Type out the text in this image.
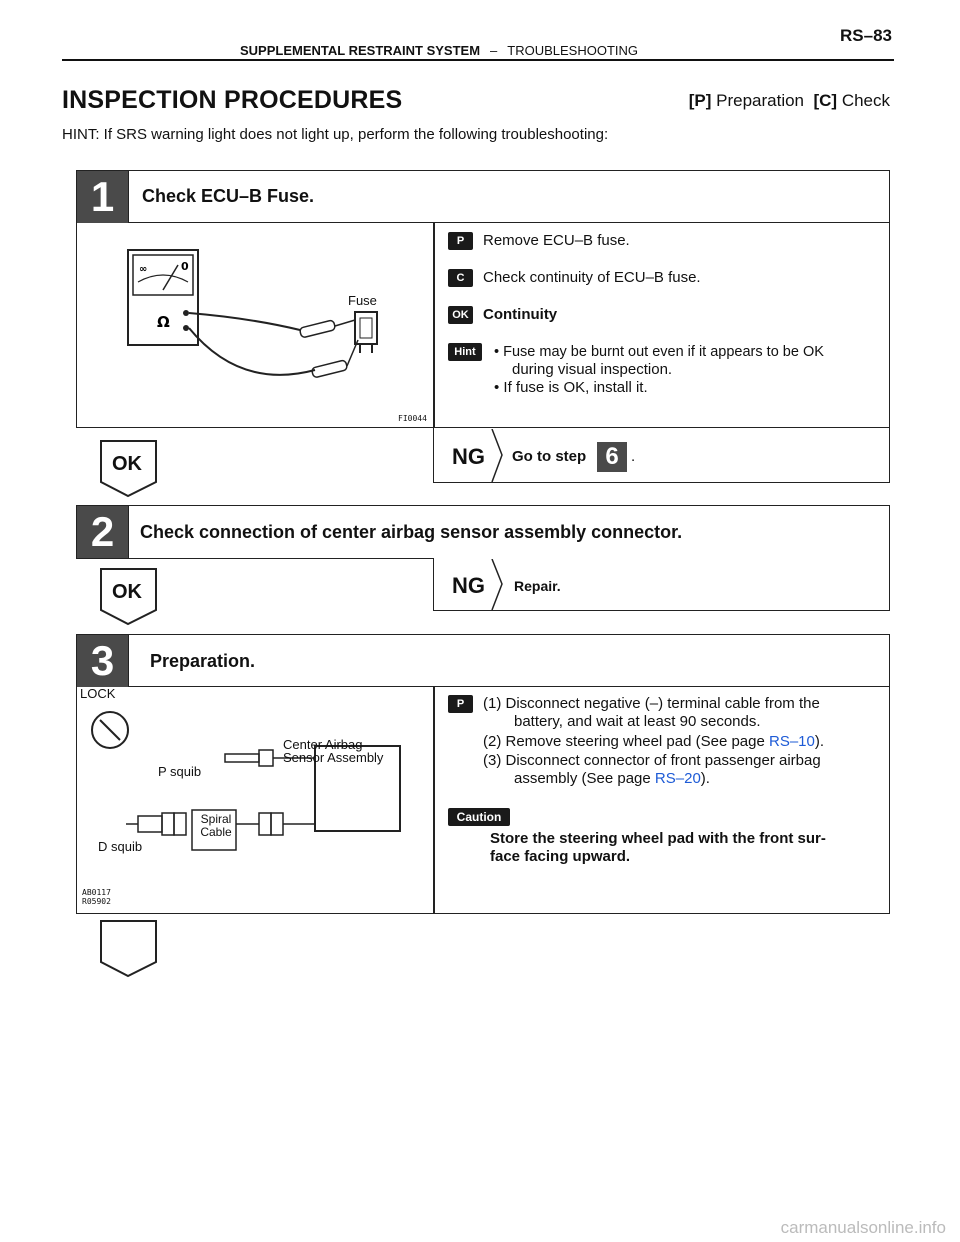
RS–83
SUPPLEMENTAL RESTRAINT SYSTEM – TROUBLESHOOTING
INSPECTION PROCEDURES	[P] Preparation [C] Check
HINT: If SRS warning light does not light up, perform the following troubleshooting:
1	Check ECU–B Fuse.
∞	0
Ω
Fuse
FI0044
P	Remove ECU–B fuse.
C	Check continuity of ECU–B fuse.
OK Continuity
Hint	• Fuse may be burnt out even if it appears to be OK
during visual inspection.
• If fuse is OK, install it.
OK	NG Go to step 6 .
2	Check connection of center airbag sensor assembly connector.
OK	NG Repair.
3	Preparation.
LOCK
Center Airbag
Sensor Assembly
P squib
Spiral
Cable
D squib
AB0117
R05902
P	(1) Disconnect negative (–) terminal cable from the
battery, and wait at least 90 seconds.
(2) Remove steering wheel pad (See page RS–10).
(3) Disconnect connector of front passenger airbag
assembly (See page RS–20).
Caution
Store the steering wheel pad with the front sur-
face facing upward.
carmanualsonline.info
